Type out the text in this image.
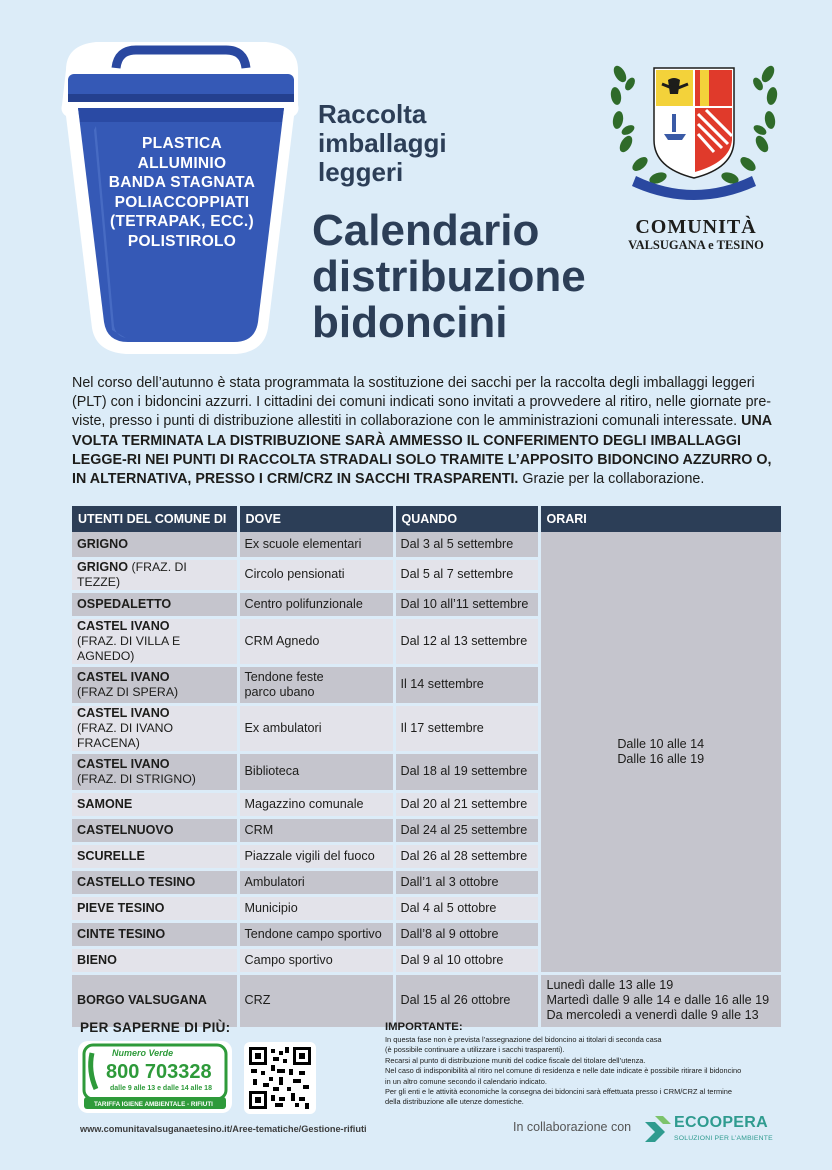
PLASTICA
ALLUMINIO
BANDA STAGNATA
POLIACCOPPIATI
(TETRAPAK, ECC.)
POLISTIROLO
Raccolta
imballaggi
leggeri
Calendario
distribuzione
bidoncini
COMUNITÀ
VALSUGANA e TESINO
Nel corso dell’autunno è stata programmata la sostituzione dei sacchi per la raccolta degli imballaggi leggeri (PLT) con i bidoncini azzurri. I cittadini dei comuni indicati sono invitati a provvedere al ritiro, nelle giornate pre-viste, presso i punti di distribuzione allestiti in collaborazione con le amministrazioni comunali interessate. UNA VOLTA TERMINATA LA DISTRIBUZIONE SARÀ AMMESSO IL CONFERIMENTO DEGLI IMBALLAGGI LEGGE-RI NEI PUNTI DI RACCOLTA STRADALI SOLO TRAMITE L’APPOSITO BIDONCINO AZZURRO O, IN ALTERNATIVA, PRESSO I CRM/CRZ IN SACCHI TRASPARENTI. Grazie per la collaborazione.
UTENTI DEL COMUNE DI	DOVE	QUANDO	ORARI
GRIGNO	Ex scuole elementari	Dal 3 al 5 settembre	Dalle 10 alle 14
Dalle 16 alle 19

GRIGNO (FRAZ. DI TEZZE)	Circolo pensionati	Dal 5 al 7 settembre	
OSPEDALETTO	Centro polifunzionale	Dal 10 all’11 settembre	
CASTEL IVANO
(FRAZ. DI VILLA E AGNEDO)	CRM Agnedo	Dal 12 al 13 settembre	
CASTEL IVANO
(FRAZ DI SPERA)	Tendone feste parco ubano	Il 14 settembre	
CASTEL IVANO
(FRAZ. DI IVANO FRACENA)	Ex ambulatori	Il 17 settembre	
CASTEL IVANO
(FRAZ. DI STRIGNO)	Biblioteca	Dal 18 al 19 settembre	
SAMONE	Magazzino comunale	Dal 20 al 21 settembre	
CASTELNUOVO	CRM	Dal 24 al 25 settembre	
SCURELLE	Piazzale vigili del fuoco	Dal 26 al 28 settembre	
CASTELLO TESINO	Ambulatori	Dall’1 al 3 ottobre	
PIEVE TESINO	Municipio	Dal 4 al 5 ottobre	
CINTE TESINO	Tendone campo sportivo	Dall’8 al 9 ottobre	
BIENO	Campo sportivo	Dal 9 al 10 ottobre	
BORGO VALSUGANA	CRZ	Dal 15 al 26 ottobre	Lunedì dalle 13 alle 19
Martedì dalle 9 alle 14 e dalle 16 alle 19
Da mercoledì a venerdì dalle 9 alle 13
PER SAPERNE DI PIÙ:
Numero Verde
800 703328
dalle 9 alle 13 e dalle 14 alle 18
TARIFFA IGIENE AMBIENTALE - RIFIUTI
www.comunitavalsuganaetesino.it/Aree-tematiche/Gestione-rifiuti
IMPORTANTE:
In questa fase non è prevista l’assegnazione del bidoncino ai titolari di seconda casa
(è possibile continuare a utilizzare i sacchi trasparenti).
Recarsi al punto di distribuzione muniti del codice fiscale del titolare dell’utenza.
Nel caso di indisponibilità al ritiro nel comune di residenza e nelle date indicate è possibile ritirare il bidoncino
in un altro comune secondo il calendario indicato.
Per gli enti e le attività economiche la consegna dei bidoncini sarà effettuata presso i CRM/CRZ al termine
della distribuzione alle utenze domestiche.
In collaborazione con	ECOOPERA
SOLUZIONI PER L’AMBIENTE
